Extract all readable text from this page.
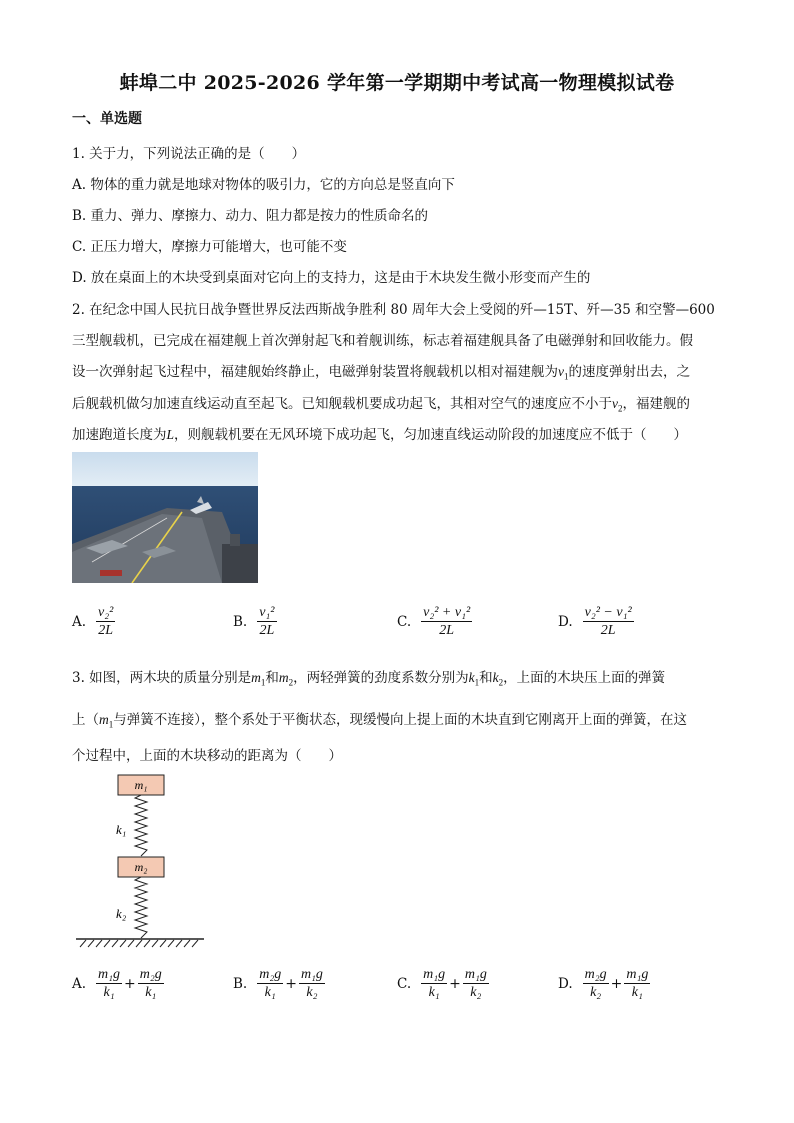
蚌埠二中 2025-2026 学年第一学期期中考试高一物理模拟试卷
一、单选题
1. 关于力，下列说法正确的是（　　）
A. 物体的重力就是地球对物体的吸引力，它的方向总是竖直向下
B. 重力、弹力、摩擦力、动力、阻力都是按力的性质命名的
C. 正压力增大，摩擦力可能增大，也可能不变
D. 放在桌面上的木块受到桌面对它向上的支持力，这是由于木块发生微小形变而产生的
2. 在纪念中国人民抗日战争暨世界反法西斯战争胜利 80 周年大会上受阅的歼—15T、歼—35 和空警—600
三型舰载机，已完成在福建舰上首次弹射起飞和着舰训练，标志着福建舰具备了电磁弹射和回收能力。假
设一次弹射起飞过程中，福建舰始终静止，电磁弹射装置将舰载机以相对福建舰为$v_1$的速度弹射出去，之
后舰载机做匀加速直线运动直至起飞。已知舰载机要成功起飞，其相对空气的速度应不小于$v_2$，福建舰的
加速跑道长度为L，则舰载机要在无风环境下成功起飞，匀加速直线运动阶段的加速度应不低于（　　）
A. $\frac{\text{v₂²}}{2L}$	B. $\frac{\text{v₁²}}{2L}$	C. $\frac{\text{v₂² + v₁²}}{2L}$	D. $\frac{\text{v₂² − v₁²}}{2L}$
3. 如图，两木块的质量分别是$m_1$和$m_2$，两轻弹簧的劲度系数分别为$k_1$和$k_2$，上面的木块压上面的弹簧
上（$m_1$与弹簧不连接），整个系处于平衡状态，现缓慢向上提上面的木块直到它刚离开上面的弹簧，在这
个过程中，上面的木块移动的距离为（　　）
m₁
k₁
m₂
k₂
A. $\frac{\text{m₁g}}{\text{k₁}} + \frac{\text{m₂g}}{\text{k₁}}$	B. $\frac{\text{m₂g}}{\text{k₁}} + \frac{\text{m₁g}}{\text{k₂}}$	C. $\frac{\text{m₁g}}{\text{k₁}} + \frac{\text{m₁g}}{\text{k₂}}$	D. $\frac{\text{m₂g}}{\text{k₂}} + \frac{\text{m₁g}}{\text{k₁}}$
